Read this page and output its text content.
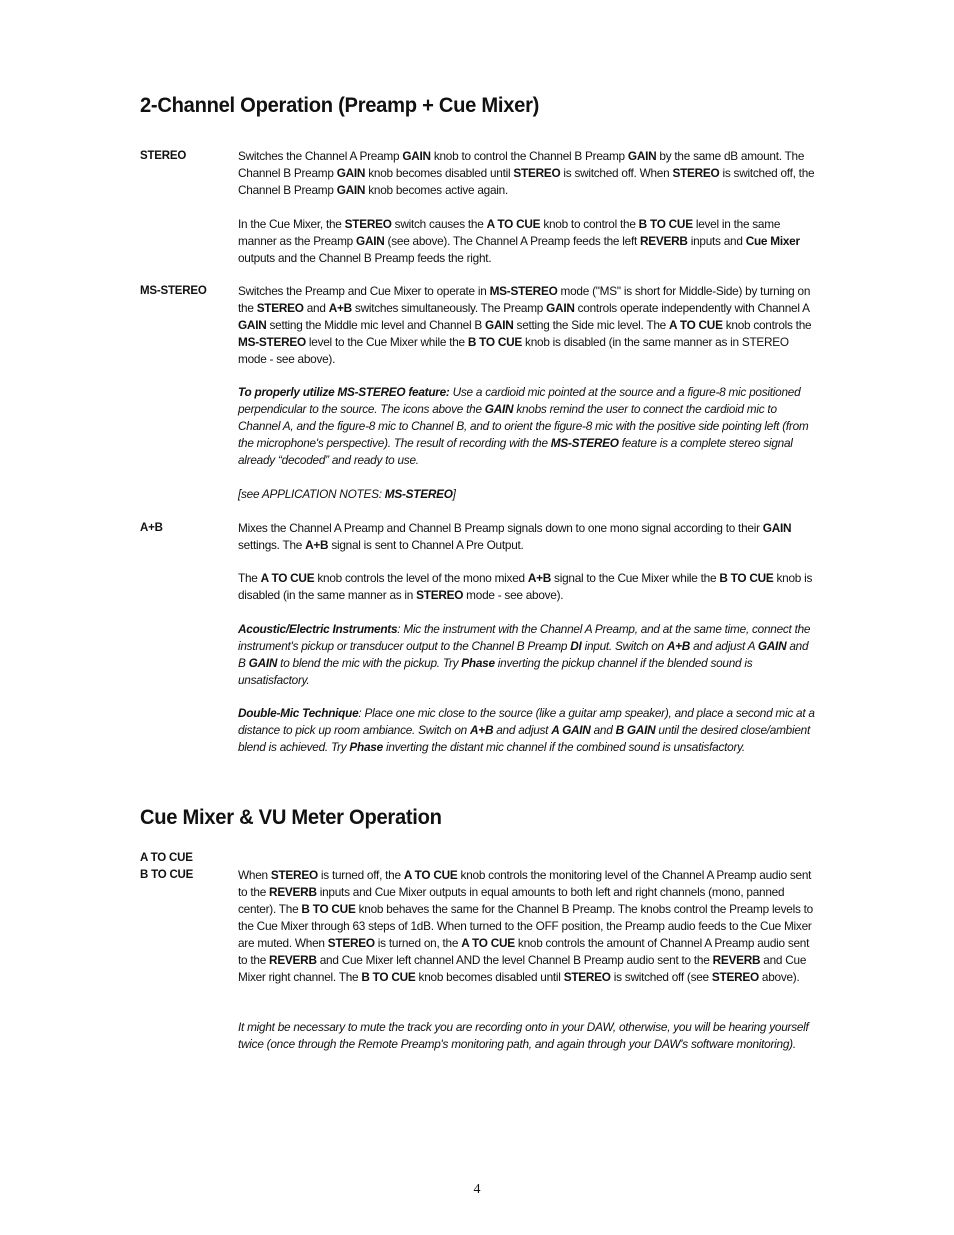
2-Channel Operation (Preamp + Cue Mixer)
STEREO	Switches the Channel A Preamp GAIN knob to control the Channel B Preamp GAIN by the same dB amount. The Channel B Preamp GAIN knob becomes disabled until STEREO is switched off. When STEREO is switched off, the Channel B Preamp GAIN knob becomes active again.

In the Cue Mixer, the STEREO switch causes the A TO CUE knob to control the B TO CUE level in the same manner as the Preamp GAIN (see above). The Channel A Preamp feeds the left REVERB inputs and Cue Mixer outputs and the Channel B Preamp feeds the right.

MS-STEREO	Switches the Preamp and Cue Mixer to operate in MS-STEREO mode ("MS" is short for Middle-Side) by turning on the STEREO and A+B switches simultaneously. The Preamp GAIN controls operate independently with Channel A GAIN setting the Middle mic level and Channel B GAIN setting the Side mic level. The A TO CUE knob controls the MS-STEREO level to the Cue Mixer while the B TO CUE knob is disabled (in the same manner as in STEREO mode - see above).

To properly utilize MS-STEREO feature: Use a cardioid mic pointed at the source and a figure-8 mic positioned perpendicular to the source. The icons above the GAIN knobs remind the user to connect the cardioid mic to Channel A, and the figure-8 mic to Channel B, and to orient the figure-8 mic with the positive side pointing left (from the microphone's perspective). The result of recording with the MS-STEREO feature is a complete stereo signal already “decoded” and ready to use.

[see APPLICATION NOTES: MS-STEREO]

A+B	Mixes the Channel A Preamp and Channel B Preamp signals down to one mono signal according to their GAIN settings. The A+B signal is sent to Channel A Pre Output.

The A TO CUE knob controls the level of the mono mixed A+B signal to the Cue Mixer while the B TO CUE knob is disabled (in the same manner as in STEREO mode - see above).

Acoustic/Electric Instruments: Mic the instrument with the Channel A Preamp, and at the same time, connect the instrument's pickup or transducer output to the Channel B Preamp DI input. Switch on A+B and adjust A GAIN and B GAIN to blend the mic with the pickup. Try Phase inverting the pickup channel if the blended sound is unsatisfactory.

Double-Mic Technique: Place one mic close to the source (like a guitar amp speaker), and place a second mic at a distance to pick up room ambiance. Switch on A+B and adjust A GAIN and B GAIN until the desired close/ambient blend is achieved. Try Phase inverting the distant mic channel if the combined sound is unsatisfactory.

Cue Mixer & VU Meter Operation
A TO CUE
B TO CUE	When STEREO is turned off, the A TO CUE knob controls the monitoring level of the Channel A Preamp audio sent to the REVERB inputs and Cue Mixer outputs in equal amounts to both left and right channels (mono, panned center). The B TO CUE knob behaves the same for the Channel B Preamp. The knobs control the Preamp levels to the Cue Mixer through 63 steps of 1dB. When turned to the OFF position, the Preamp audio feeds to the Cue Mixer are muted. When STEREO is turned on, the A TO CUE knob controls the amount of Channel A Preamp audio sent to the REVERB and Cue Mixer left channel AND the level Channel B Preamp audio sent to the REVERB and Cue Mixer right channel. The B TO CUE knob becomes disabled until STEREO is switched off (see STEREO above).

It might be necessary to mute the track you are recording onto in your DAW, otherwise, you will be hearing yourself twice (once through the Remote Preamp's monitoring path, and again through your DAW's software monitoring).

4
